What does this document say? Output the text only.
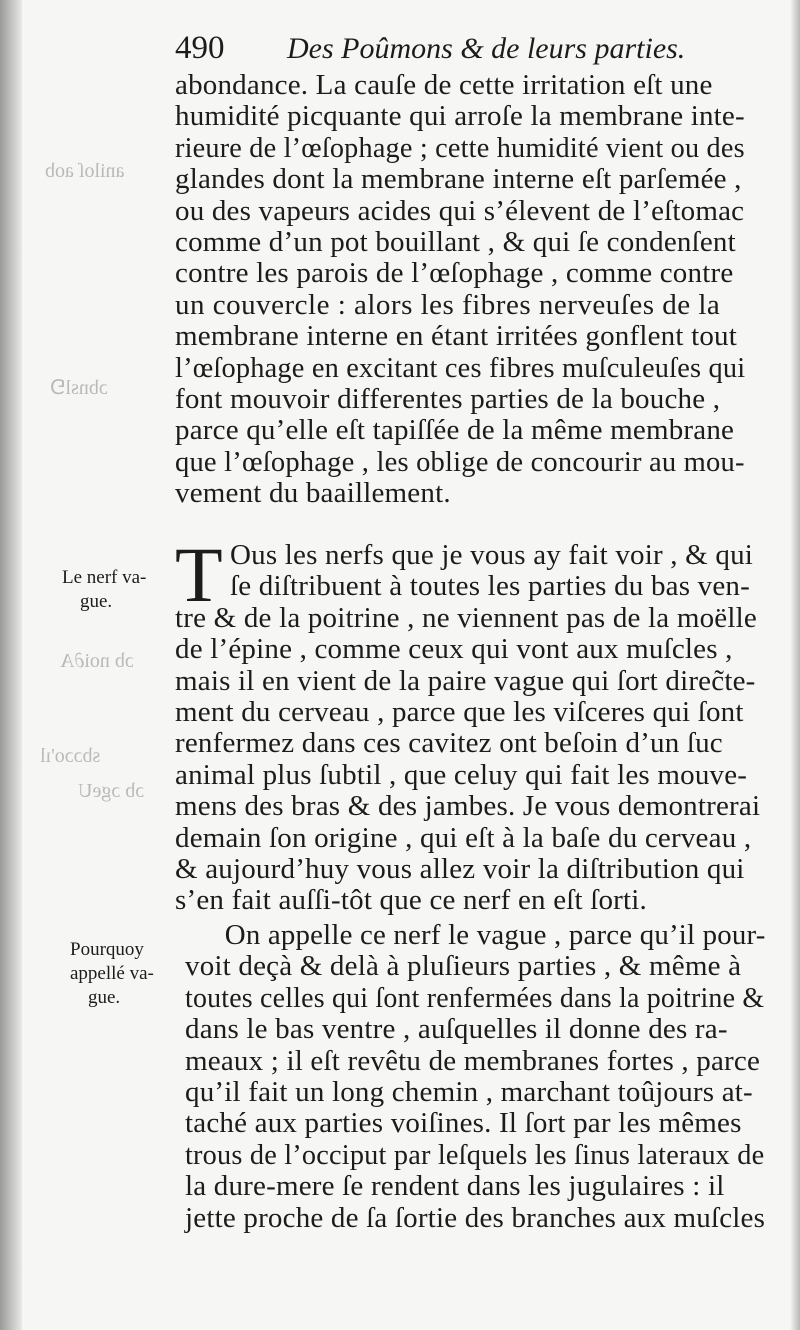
aniloſ aob
ɔbnsl⅁
ɔb noi∂A
sbɔɔo'ıl
ɔb ɔgeU
490 Des Poûmons & de leurs parties.
abondance. La cauſe de cette irritation eſt une
humidité picquante qui arroſe la membrane inte-
rieure de l’œſophage ; cette humidité vient ou des
glandes dont la membrane interne eſt parſemée ,
ou des vapeurs acides qui s’élevent de l’eſtomac
comme d’un pot bouillant , & qui ſe condenſent
contre les parois de l’œſophage , comme contre
un couvercle : alors les fibres nerveuſes de la
membrane interne en étant irritées gonflent tout
l’œſophage en excitant ces fibres muſculeuſes qui
font mouvoir differentes parties de la bouche ,
parce qu’elle eſt tapiſſée de la même membrane
que l’œſophage , les oblige de concourir au mou-
vement du baaillement.
Le nerf va-
gue. T Ous les nerfs que je vous ay fait voir , & qui
ſe diſtribuent à toutes les parties du bas ven-
tre & de la poitrine , ne viennent pas de la moëlle
de l’épine , comme ceux qui vont aux muſcles ,
mais il en vient de la paire vague qui ſort direc̃te-
ment du cerveau , parce que les viſceres qui ſont
renfermez dans ces cavitez ont beſoin d’un ſuc
animal plus ſubtil , que celuy qui fait les mouve-
mens des bras & des jambes. Je vous demontrerai
demain ſon origine , qui eſt à la baſe du cerveau ,
& aujourd’huy vous allez voir la diſtribution qui
s’en fait auſſi-tôt que ce nerf en eſt ſorti.
Pourquoy
appellé va-
gue.
On appelle ce nerf le vague , parce qu’il pour-
voit deçà & delà à pluſieurs parties , & même à
toutes celles qui ſont renfermées dans la poitrine &
dans le bas ventre , auſquelles il donne des ra-
meaux ; il eſt revêtu de membranes fortes , parce
qu’il fait un long chemin , marchant toûjours at-
taché aux parties voiſines. Il ſort par les mêmes
trous de l’occiput par leſquels les ſinus lateraux de
la dure-mere ſe rendent dans les jugulaires : il
jette proche de ſa ſortie des branches aux muſcles
